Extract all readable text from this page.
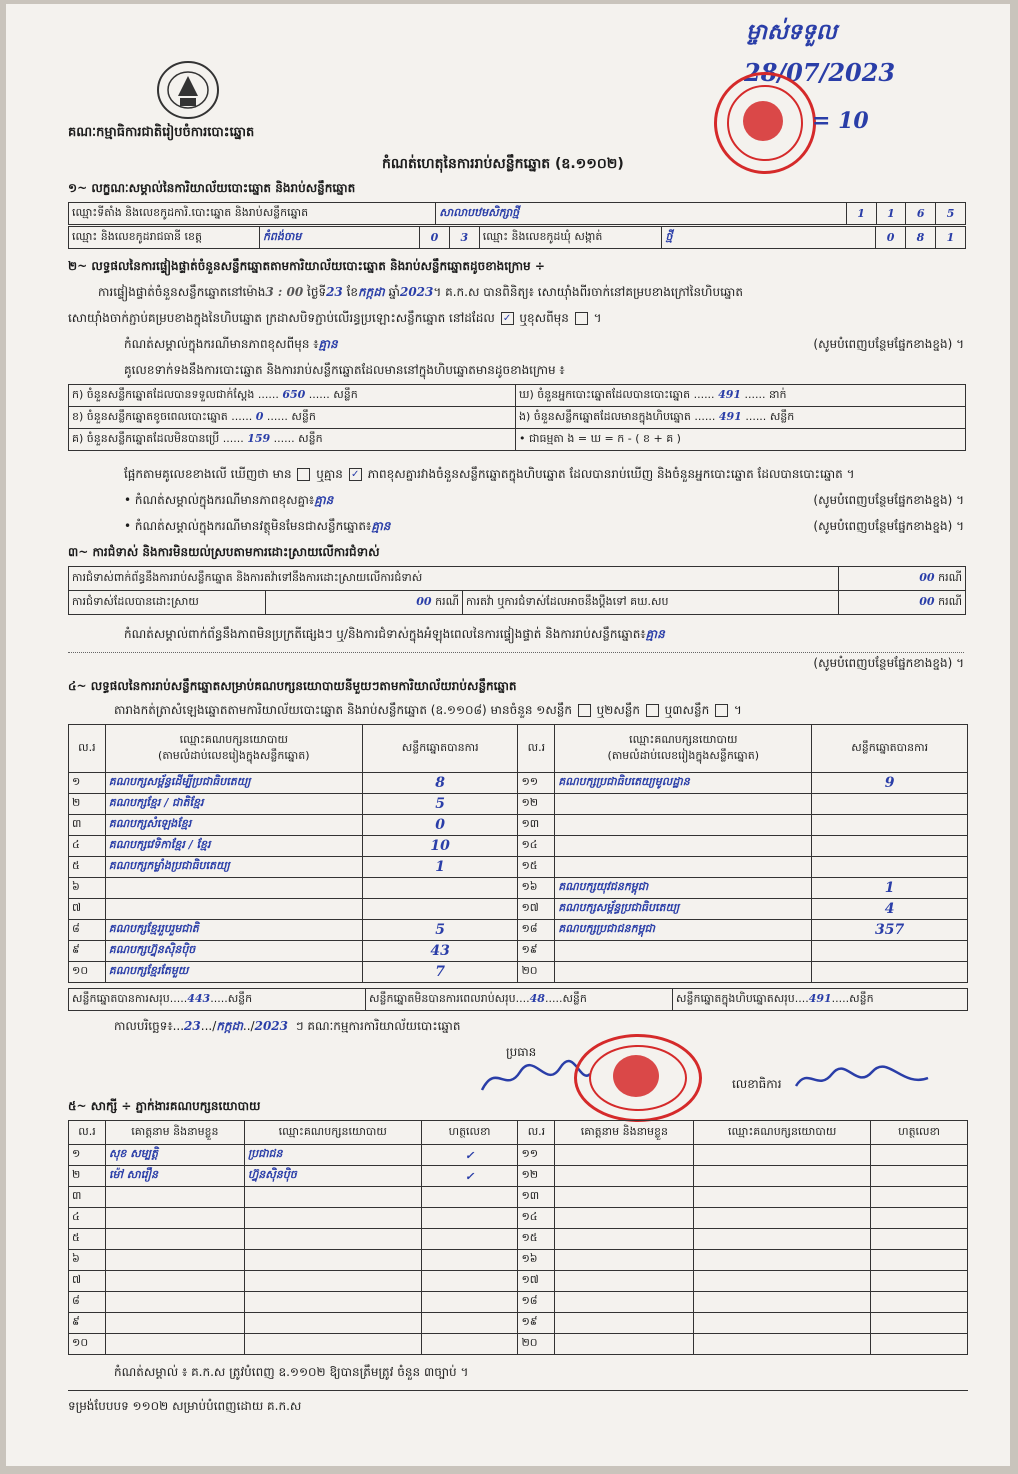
គណៈកម្មាធិការជាតិរៀបចំការបោះឆ្នោត
ម្ចាស់ទទួល
28/07/2023
= 10
កំណត់ហេតុនៃការរាប់សន្លឹកឆ្នោត (ឧ.១១០២)
១~ លក្ខណៈសម្គាល់នៃការិយាល័យបោះឆ្នោត និងរាប់សន្លឹកឆ្នោត
ឈ្មោះទីតាំង និងលេខកូដការិ.បោះឆ្នោត និងរាប់សន្លឹកឆ្នោត	សាលាបឋមសិក្សាថ្មី	1	1	6	5
ឈ្មោះ និងលេខកូដរាជធានី ខេត្ត	កំពង់ចាម	0	3	ឈ្មោះ និងលេខកូដឃុំ សង្កាត់	ថ្មី	0	8	1
២~ លទ្ធផលនៃការផ្ទៀងផ្ទាត់ចំនួនសន្លឹកឆ្នោតតាមការិយាល័យបោះឆ្នោត និងរាប់សន្លឹកឆ្នោតដូចខាងក្រោម ÷
ការផ្ទៀងផ្ទាត់ចំនួនសន្លឹកឆ្នោតនៅម៉ោង3 : 00 ថ្ងៃទី23 ខែកក្កដា ឆ្នាំ2023។ គ.ក.ស បានពិនិត្យ៖ សោយ៉ាំងពីរចាក់នៅគម្របខាងក្រៅនៃហិបឆ្នោត
សោយ៉ាំងចាក់ភ្ជាប់គម្របខាងក្នុងនៃហិបឆ្នោត ក្រដាសបិទភ្ជាប់លើរន្ធប្រឡោះសន្លឹកឆ្នោត នៅដដែល ✓ ឬខុសពីមុន  ។
កំណត់សម្គាល់ក្នុងករណីមានភាពខុសពីមុន ៖គ្មាន	(សូមបំពេញបន្ថែមផ្នែកខាងខ្នង) ។
គូលេខទាក់ទងនឹងការបោះឆ្នោត និងការរាប់សន្លឹកឆ្នោតដែលមាននៅក្នុងហិបឆ្នោតមានដូចខាងក្រោម ៖
ក) ចំនួនសន្លឹកឆ្នោតដែលបានទទួលជាក់ស្ដែង ...... 650 ...... សន្លឹក	ឃ) ចំនួនអ្នកបោះឆ្នោតដែលបានបោះឆ្នោត ...... 491 ...... នាក់
ខ) ចំនួនសន្លឹកឆ្នោតខូចពេលបោះឆ្នោត ...... 0 ...... សន្លឹក	ង) ចំនួនសន្លឹកឆ្នោតដែលមានក្នុងហិបឆ្នោត ...... 491 ...... សន្លឹក
គ) ចំនួនសន្លឹកឆ្នោតដែលមិនបានប្រើ ...... 159 ...... សន្លឹក	• ជាធម្មតា ង = ឃ = ក - ( ខ + គ )
ផ្អែកតាមគូលេខខាងលើ ឃើញថា មាន ឬគ្មាន ✓ ភាពខុសគ្នារវាងចំនួនសន្លឹកឆ្នោតក្នុងហិបឆ្នោត ដែលបានរាប់ឃើញ និងចំនួនអ្នកបោះឆ្នោត ដែលបានបោះឆ្នោត ។
• កំណត់សម្គាល់ក្នុងករណីមានភាពខុសគ្នា៖គ្មាន	(សូមបំពេញបន្ថែមផ្នែកខាងខ្នង) ។
• កំណត់សម្គាល់ក្នុងករណីមានវត្ថុមិនមែនជាសន្លឹកឆ្នោត៖គ្មាន	(សូមបំពេញបន្ថែមផ្នែកខាងខ្នង) ។
៣~ ការជំទាស់ និងការមិនយល់ស្របតាមការដោះស្រាយលើការជំទាស់
ការជំទាស់ពាក់ព័ន្ធនឹងការរាប់សន្លឹកឆ្នោត និងការតវ៉ាទៅនឹងការដោះស្រាយលើការជំទាស់			00 ករណី
ការជំទាស់ដែលបានដោះស្រាយ	00 ករណី	ការតវ៉ា ឬការជំទាស់ដែលអាចនឹងប្ដឹងទៅ គឃ.សប	00 ករណី
កំណត់សម្គាល់ពាក់ព័ន្ធនឹងភាពមិនប្រក្រតីផ្សេងៗ ឬ/និងការជំទាស់ក្នុងអំឡុងពេលនៃការផ្ទៀងផ្ទាត់ និងការរាប់សន្លឹកឆ្នោត៖គ្មាន
(សូមបំពេញបន្ថែមផ្នែកខាងខ្នង) ។
៤~ លទ្ធផលនៃការរាប់សន្លឹកឆ្នោតសម្រាប់គណបក្សនយោបាយនីមួយៗតាមការិយាល័យរាប់សន្លឹកឆ្នោត
តារាងកត់ត្រាសំឡេងឆ្នោតតាមការិយាល័យបោះឆ្នោត និងរាប់សន្លឹកឆ្នោត (ឧ.១១០៨) មានចំនួន ១សន្លឹក ឬ២សន្លឹក ឬ៣សន្លឹក  ។
ល.រ	ឈ្មោះគណបក្សនយោបាយ
(តាមលំដាប់លេខរៀងក្នុងសន្លឹកឆ្នោត)	សន្លឹកឆ្នោតបានការ	ល.រ	ឈ្មោះគណបក្សនយោបាយ
(តាមលំដាប់លេខរៀងក្នុងសន្លឹកឆ្នោត)	សន្លឹកឆ្នោតបានការ
១	គណបក្សសម្ព័ន្ធដើម្បីប្រជាធិបតេយ្យ	8	១១	គណបក្សប្រជាធិបតេយ្យមូលដ្ឋាន	9
២	គណបក្សខ្មែរ / ជាតិខ្មែរ	5	១២		
៣	គណបក្សសំឡេងខ្មែរ	0	១៣		
៤	គណបក្សវេទិកាខ្មែរ / ខ្មែរ	10	១៤		
៥	គណបក្សកម្លាំងប្រជាធិបតេយ្យ	1	១៥		
៦			១៦	គណបក្សយុវជនកម្ពុជា	1
៧			១៧	គណបក្សសម្ព័ន្ធប្រជាធិបតេយ្យ	4
៨	គណបក្សខ្មែររួបរួមជាតិ	5	១៨	គណបក្សប្រជាជនកម្ពុជា	357
៩	គណបក្សហ្វ៊ុនស៊ិនប៉ិច	43	១៩		
១០	គណបក្សខ្មែរតែមួយ	7	២០		
សន្លឹកឆ្នោតបានការសរុប.....443.....សន្លឹក	សន្លឹកឆ្នោតមិនបានការពេលរាប់សរុប....48.....សន្លឹក	សន្លឹកឆ្នោតក្នុងហិបឆ្នោតសរុប....491.....សន្លឹក
កាលបរិច្ឆេទ៖...23.../កក្កដា../2023 ៗ គណៈកម្មការការិយាល័យបោះឆ្នោត
ប្រធាន
លេខាធិការ
៥~ សាក្សី ÷ ភ្នាក់ងារគណបក្សនយោបាយ
ល.រ	គោត្តនាម និងនាមខ្លួន	ឈ្មោះគណបក្សនយោបាយ	ហត្ថលេខា	ល.រ	គោត្តនាម និងនាមខ្លួន	ឈ្មោះគណបក្សនយោបាយ	ហត្ថលេខា
១	សុខ សម្បត្តិ	ប្រជាជន	✓	១១			
២	ម៉ៅ សារឿន	ហ្វ៊ុនស៊ិនប៉ិច	✓	១២			
៣				១៣			
៤				១៤			
៥				១៥			
៦				១៦			
៧				១៧			
៨				១៨			
៩				១៩			
១០				២០			
កំណត់សម្គាល់ ៖ គ.ក.ស ត្រូវបំពេញ ឧ.១១០២ ឱ្យបានត្រឹមត្រូវ ចំនួន ៣ច្បាប់ ។
ទម្រង់បែបបទ ១១០២ សម្រាប់បំពេញដោយ គ.ក.ស
